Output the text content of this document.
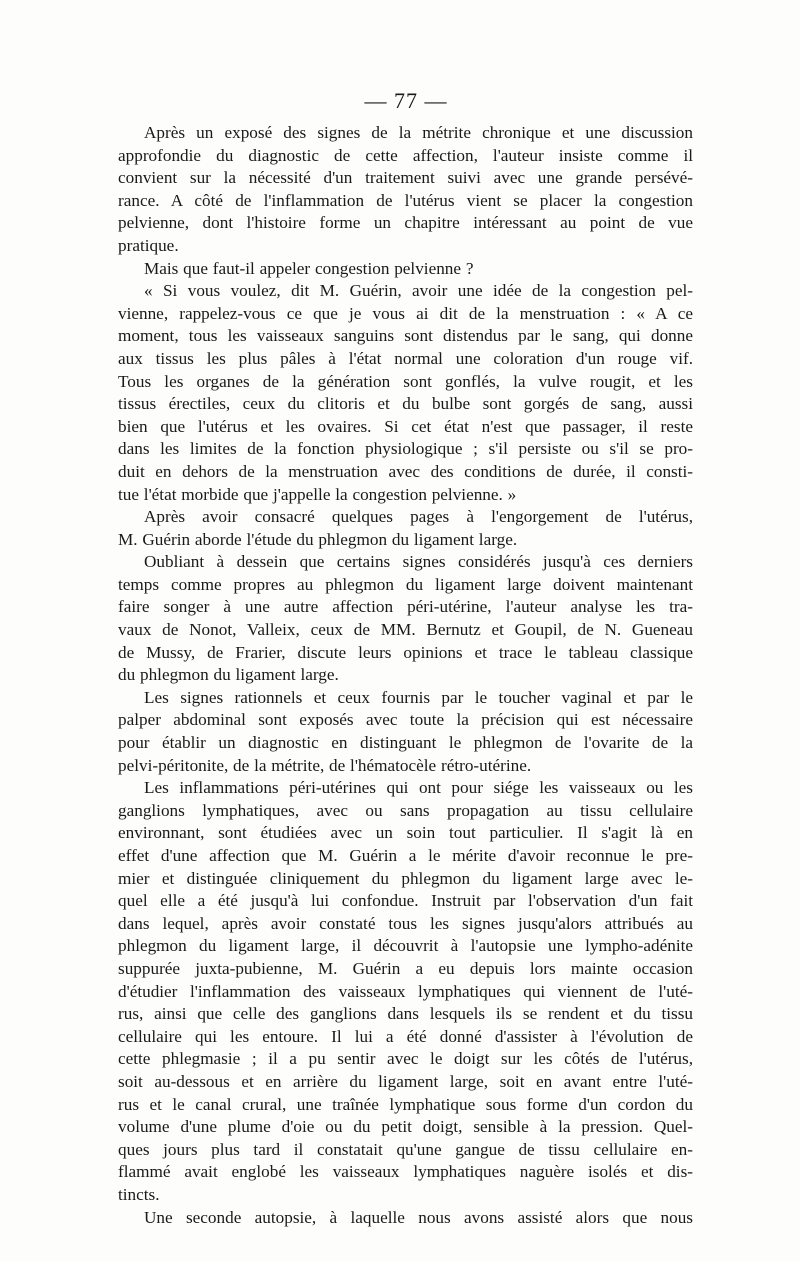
— 77 —
Après un exposé des signes de la métrite chronique et une discussion
approfondie du diagnostic de cette affection, l'auteur insiste comme il
convient sur la nécessité d'un traitement suivi avec une grande persévé-
rance. A côté de l'inflammation de l'utérus vient se placer la congestion
pelvienne, dont l'histoire forme un chapitre intéressant au point de vue
pratique.
Mais que faut-il appeler congestion pelvienne ?
« Si vous voulez, dit M. Guérin, avoir une idée de la congestion pel-
vienne, rappelez-vous ce que je vous ai dit de la menstruation : « A ce
moment, tous les vaisseaux sanguins sont distendus par le sang, qui donne
aux tissus les plus pâles à l'état normal une coloration d'un rouge vif.
Tous les organes de la génération sont gonflés, la vulve rougit, et les
tissus érectiles, ceux du clitoris et du bulbe sont gorgés de sang, aussi
bien que l'utérus et les ovaires. Si cet état n'est que passager, il reste
dans les limites de la fonction physiologique ; s'il persiste ou s'il se pro-
duit en dehors de la menstruation avec des conditions de durée, il consti-
tue l'état morbide que j'appelle la congestion pelvienne. »
Après avoir consacré quelques pages à l'engorgement de l'utérus,
M. Guérin aborde l'étude du phlegmon du ligament large.
Oubliant à dessein que certains signes considérés jusqu'à ces derniers
temps comme propres au phlegmon du ligament large doivent maintenant
faire songer à une autre affection péri-utérine, l'auteur analyse les tra-
vaux de Nonot, Valleix, ceux de MM. Bernutz et Goupil, de N. Gueneau
de Mussy, de Frarier, discute leurs opinions et trace le tableau classique
du phlegmon du ligament large.
Les signes rationnels et ceux fournis par le toucher vaginal et par le
palper abdominal sont exposés avec toute la précision qui est nécessaire
pour établir un diagnostic en distinguant le phlegmon de l'ovarite de la
pelvi-péritonite, de la métrite, de l'hématocèle rétro-utérine.
Les inflammations péri-utérines qui ont pour siége les vaisseaux ou les
ganglions lymphatiques, avec ou sans propagation au tissu cellulaire
environnant, sont étudiées avec un soin tout particulier. Il s'agit là en
effet d'une affection que M. Guérin a le mérite d'avoir reconnue le pre-
mier et distinguée cliniquement du phlegmon du ligament large avec le-
quel elle a été jusqu'à lui confondue. Instruit par l'observation d'un fait
dans lequel, après avoir constaté tous les signes jusqu'alors attribués au
phlegmon du ligament large, il découvrit à l'autopsie une lympho-adénite
suppurée juxta-pubienne, M. Guérin a eu depuis lors mainte occasion
d'étudier l'inflammation des vaisseaux lymphatiques qui viennent de l'uté-
rus, ainsi que celle des ganglions dans lesquels ils se rendent et du tissu
cellulaire qui les entoure. Il lui a été donné d'assister à l'évolution de
cette phlegmasie ; il a pu sentir avec le doigt sur les côtés de l'utérus,
soit au-dessous et en arrière du ligament large, soit en avant entre l'uté-
rus et le canal crural, une traînée lymphatique sous forme d'un cordon du
volume d'une plume d'oie ou du petit doigt, sensible à la pression. Quel-
ques jours plus tard il constatait qu'une gangue de tissu cellulaire en-
flammé avait englobé les vaisseaux lymphatiques naguère isolés et dis-
tincts.
Une seconde autopsie, à laquelle nous avons assisté alors que nous
